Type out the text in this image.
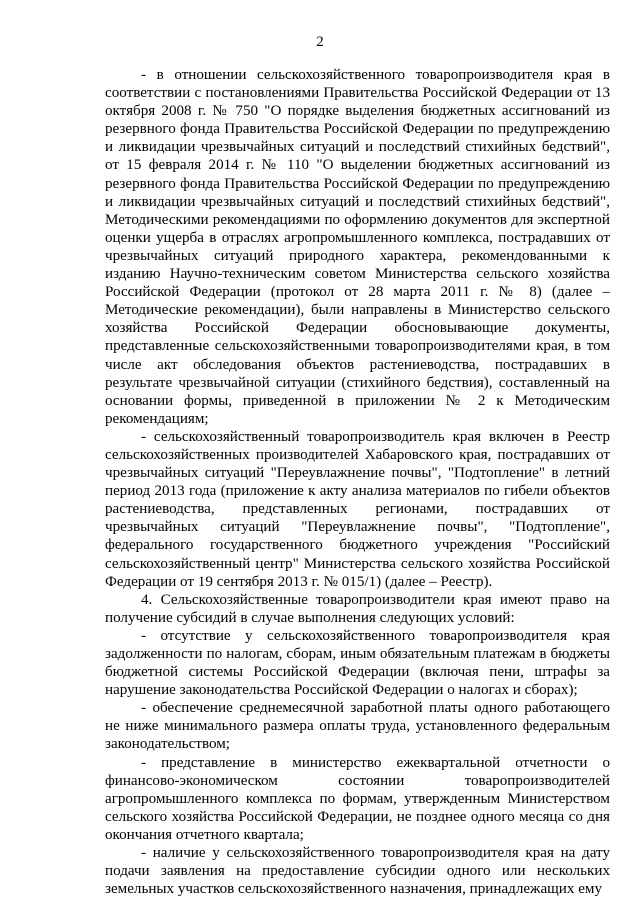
2

- в отношении сельскохозяйственного товаропроизводителя края в соответствии с постановлениями Правительства Российской Федерации от 13 октября 2008 г. № 750 "О порядке выделения бюджетных ассигнований из резервного фонда Правительства Российской Федерации по предупреждению и ликвидации чрезвычайных ситуаций и последствий стихийных бедствий", от 15 февраля 2014 г. № 110 "О выделении бюджетных ассигнований из резервного фонда Правительства Российской Федерации по предупреждению и ликвидации чрезвычайных ситуаций и последствий стихийных бедствий", Методическими рекомендациями по оформлению документов для экспертной оценки ущерба в отраслях агропромышленного комплекса, пострадавших от чрезвычайных ситуаций природного характера, рекомендованными к изданию Научно-техническим советом Министерства сельского хозяйства Российской Федерации (протокол от 28 марта 2011 г. № 8) (далее – Методические рекомендации), были направлены в Министерство сельского хозяйства Российской Федерации обосновывающие документы, представленные сельскохозяйственными товаропроизводителями края, в том числе акт обследования объектов растениеводства, пострадавших в результате чрезвычайной ситуации (стихийного бедствия), составленный на основании формы, приведенной в приложении № 2 к Методическим рекомендациям;

- сельскохозяйственный товаропроизводитель края включен в Реестр сельскохозяйственных производителей Хабаровского края, пострадавших от чрезвычайных ситуаций "Переувлажнение почвы", "Подтопление" в летний период 2013 года (приложение к акту анализа материалов по гибели объектов растениеводства, представленных регионами, пострадавших от чрезвычайных ситуаций "Переувлажнение почвы", "Подтопление", федерального государственного бюджетного учреждения "Российский сельскохозяйственный центр" Министерства сельского хозяйства Российской Федерации от 19 сентября 2013 г. № 015/1) (далее – Реестр).

4. Сельскохозяйственные товаропроизводители края имеют право на получение субсидий в случае выполнения следующих условий:

- отсутствие у сельскохозяйственного товаропроизводителя края задолженности по налогам, сборам, иным обязательным платежам в бюджеты бюджетной системы Российской Федерации (включая пени, штрафы за нарушение законодательства Российской Федерации о налогах и сборах);

- обеспечение среднемесячной заработной платы одного работающего не ниже минимального размера оплаты труда, установленного федеральным законодательством;

- представление в министерство ежеквартальной отчетности о финансово-экономическом состоянии товаропроизводителей агропромышленного комплекса по формам, утвержденным Министерством сельского хозяйства Российской Федерации, не позднее одного месяца со дня окончания отчетного квартала;

- наличие у сельскохозяйственного товаропроизводителя края на дату подачи заявления на предоставление субсидии одного или нескольких земельных участков сельскохозяйственного назначения, принадлежащих ему
